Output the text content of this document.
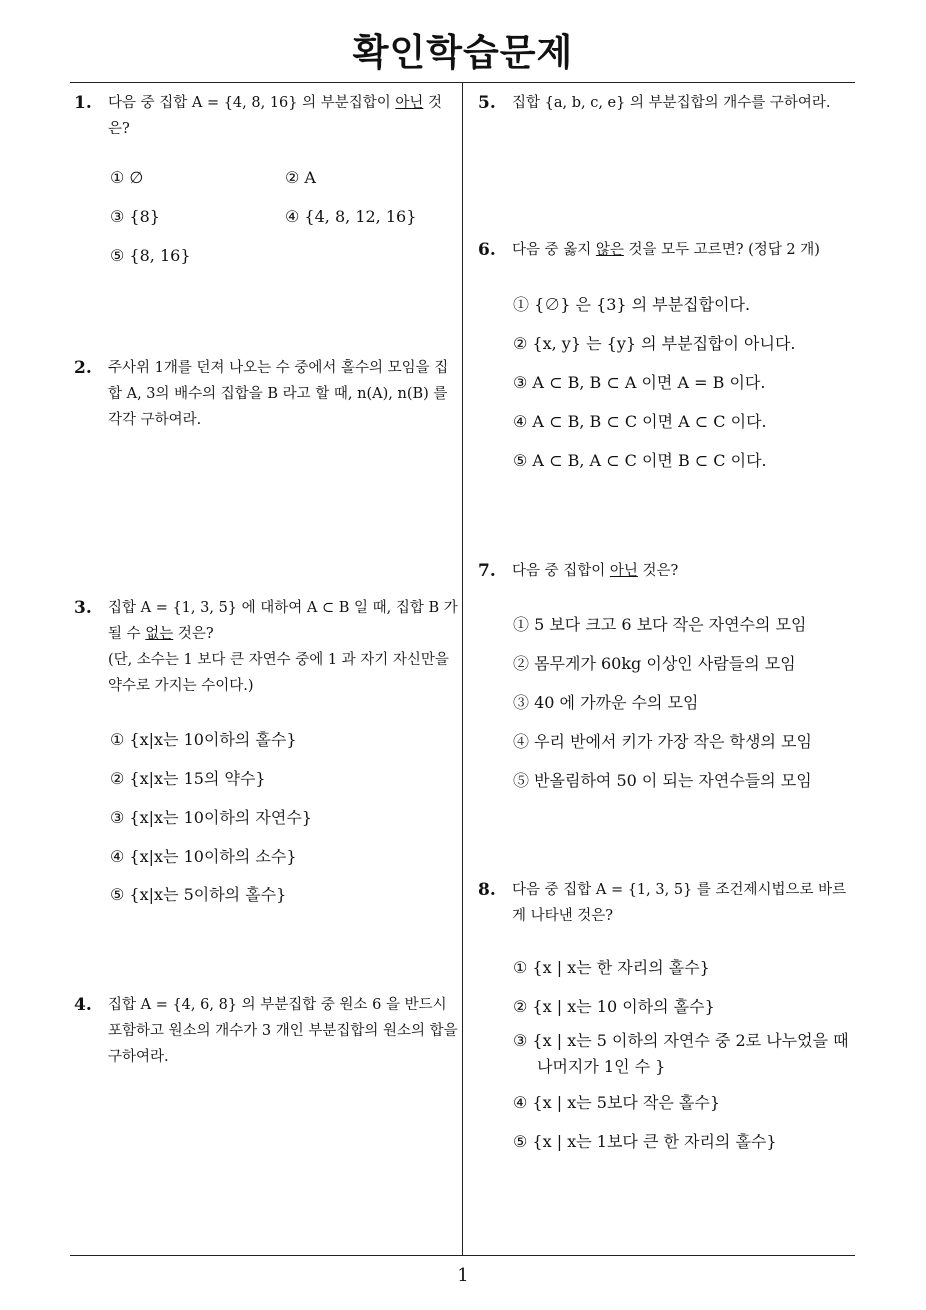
확인학습문제
1
1. 다음 중 집합 A = {4, 8, 16} 의 부분집합이 아닌 것은?
① ∅	② A
③ {8}	④ {4, 8, 12, 16}
⑤ {8, 16}
2. 주사위 1개를 던져 나오는 수 중에서 홀수의 모임을 집합 A, 3의 배수의 집합을 B 라고 할 때, n(A), n(B) 를 각각 구하여라.
3. 집합 A = {1, 3, 5} 에 대하여 A ⊂ B 일 때, 집합 B 가 될 수 없는 것은?
(단, 소수는 1 보다 큰 자연수 중에 1 과 자기 자신만을 약수로 가지는 수이다.)
① {x|x는 10이하의 홀수}
② {x|x는 15의 약수}
③ {x|x는 10이하의 자연수}
④ {x|x는 10이하의 소수}
⑤ {x|x는 5이하의 홀수}
4. 집합 A = {4, 6, 8} 의 부분집합 중 원소 6 을 반드시 포함하고 원소의 개수가 3 개인 부분집합의 원소의 합을 구하여라.
5. 집합 {a, b, c, e} 의 부분집합의 개수를 구하여라.
6. 다음 중 옳지 않은 것을 모두 고르면? (정답 2 개)
① {∅} 은 {3} 의 부분집합이다.
② {x, y} 는 {y} 의 부분집합이 아니다.
③ A ⊂ B, B ⊂ A 이면 A = B 이다.
④ A ⊂ B, B ⊂ C 이면 A ⊂ C 이다.
⑤ A ⊂ B, A ⊂ C 이면 B ⊂ C 이다.
7. 다음 중 집합이 아닌 것은?
① 5 보다 크고 6 보다 작은 자연수의 모임
② 몸무게가 60kg 이상인 사람들의 모임
③ 40 에 가까운 수의 모임
④ 우리 반에서 키가 가장 작은 학생의 모임
⑤ 반올림하여 50 이 되는 자연수들의 모임
8. 다음 중 집합 A = {1, 3, 5} 를 조건제시법으로 바르게 나타낸 것은?
① {x | x는 한 자리의 홀수}
② {x | x는 10 이하의 홀수}
③ {x | x는 5 이하의 자연수 중 2로 나누었을 때 나머지가 1인 수 }
④ {x | x는 5보다 작은 홀수}
⑤ {x | x는 1보다 큰 한 자리의 홀수}
